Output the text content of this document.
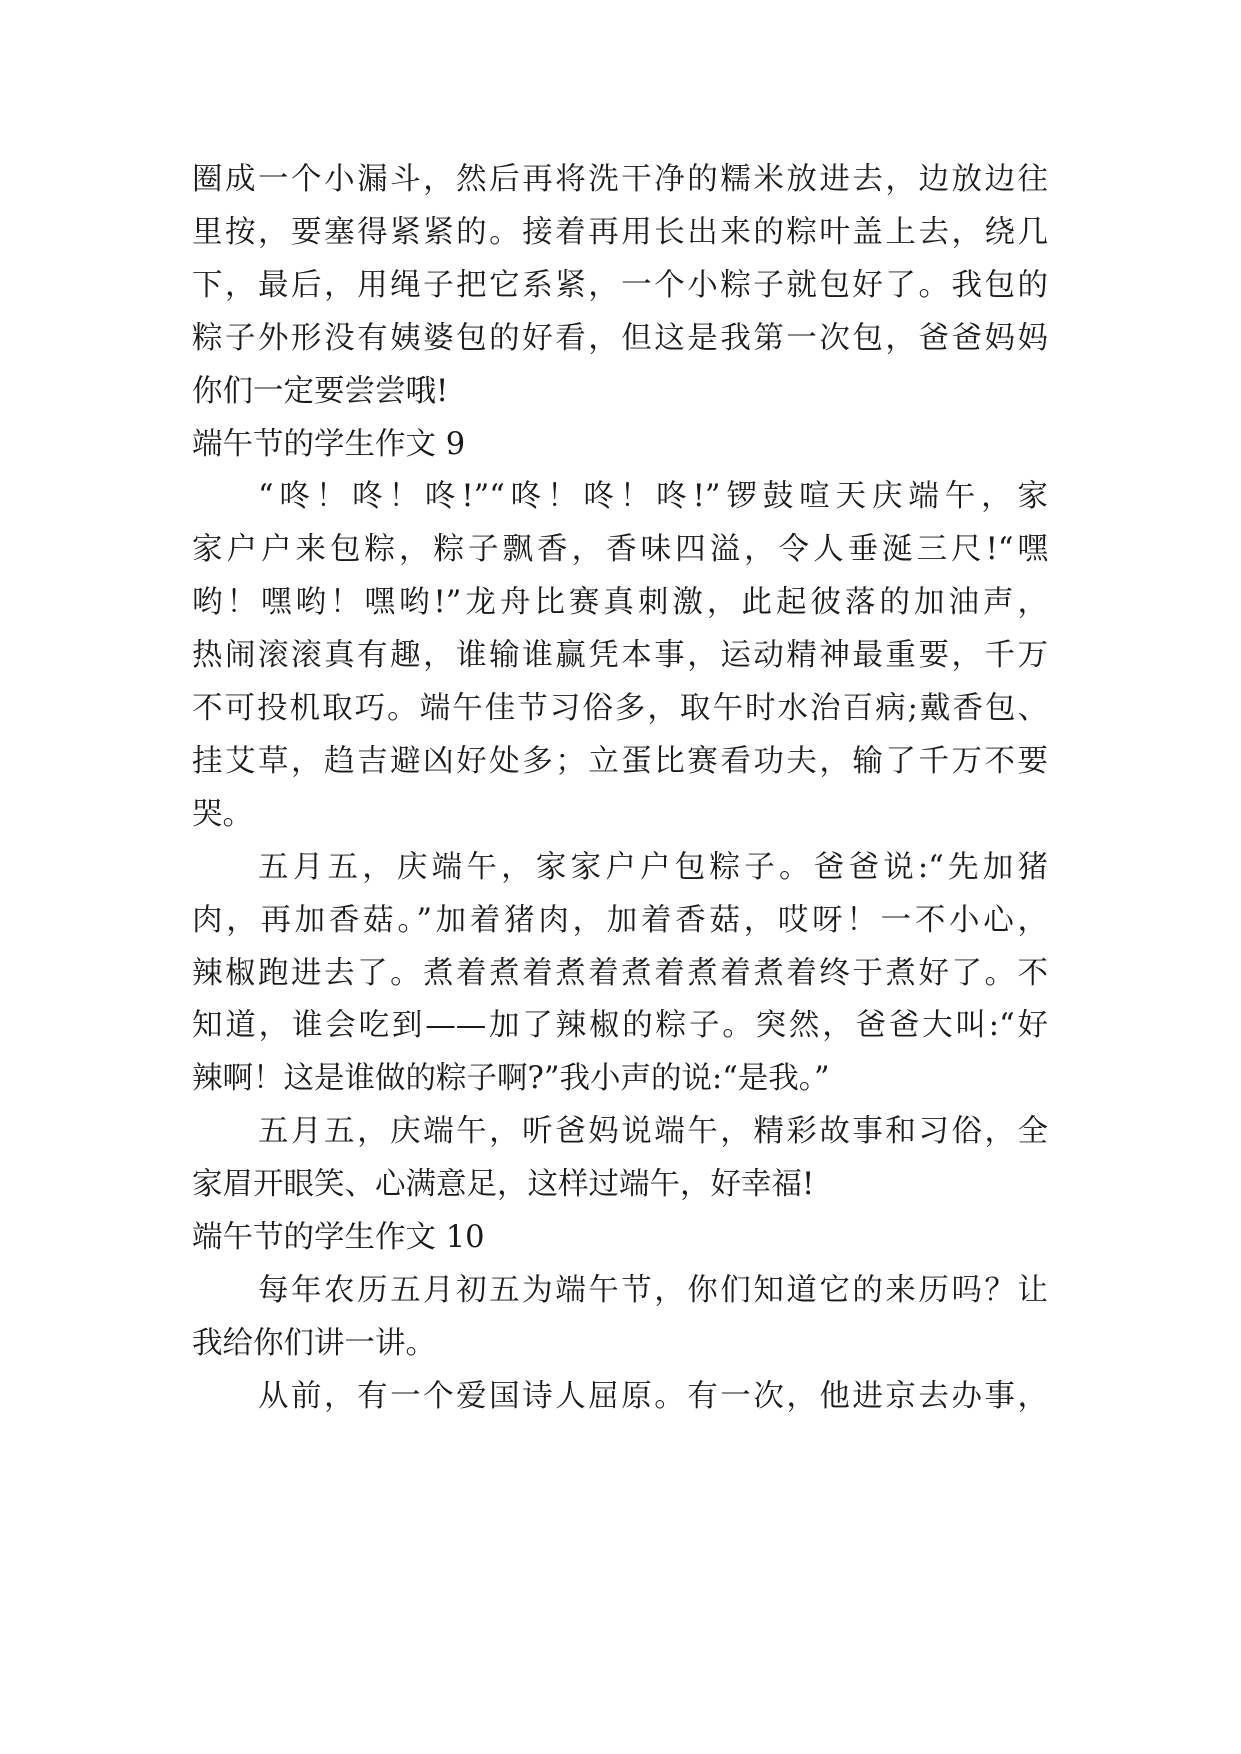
圈成一个小漏斗，然后再将洗干净的糯米放进去，边放边往
里按，要塞得紧紧的。接着再用长出来的粽叶盖上去，绕几
下，最后，用绳子把它系紧，一个小粽子就包好了。我包的
粽子外形没有姨婆包的好看，但这是我第一次包，爸爸妈妈
你们一定要尝尝哦!
端午节的学生作文 9
“咚！咚！咚!”“咚！咚！咚!”锣鼓喧天庆端午，家
家户户来包粽，粽子飘香，香味四溢，令人垂涎三尺!“嘿
哟！嘿哟！嘿哟!”龙舟比赛真刺激，此起彼落的加油声，
热闹滚滚真有趣，谁输谁赢凭本事，运动精神最重要，千万
不可投机取巧。端午佳节习俗多，取午时水治百病;戴香包、
挂艾草，趋吉避凶好处多；立蛋比赛看功夫，输了千万不要
哭。
五月五，庆端午，家家户户包粽子。爸爸说:“先加猪
肉，再加香菇。”加着猪肉，加着香菇，哎呀！一不小心，
辣椒跑进去了。煮着煮着煮着煮着煮着煮着终于煮好了。不
知道，谁会吃到——加了辣椒的粽子。突然，爸爸大叫:“好
辣啊！这是谁做的粽子啊?”我小声的说:“是我。”
五月五，庆端午，听爸妈说端午，精彩故事和习俗，全
家眉开眼笑、心满意足，这样过端午，好幸福!
端午节的学生作文 10
每年农历五月初五为端午节，你们知道它的来历吗？让
我给你们讲一讲。
从前，有一个爱国诗人屈原。有一次，他进京去办事，
